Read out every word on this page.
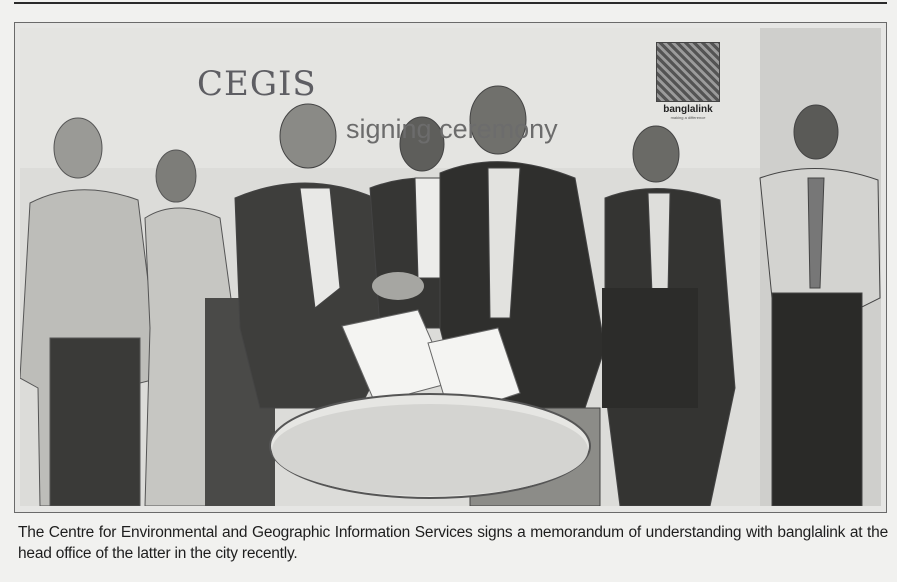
CEGIS
signing ceremony
banglalink
making a difference

The Centre for Environmental and Geographic Information Services signs a memorandum of understanding with banglalink at the head office of the latter in the city recently.
